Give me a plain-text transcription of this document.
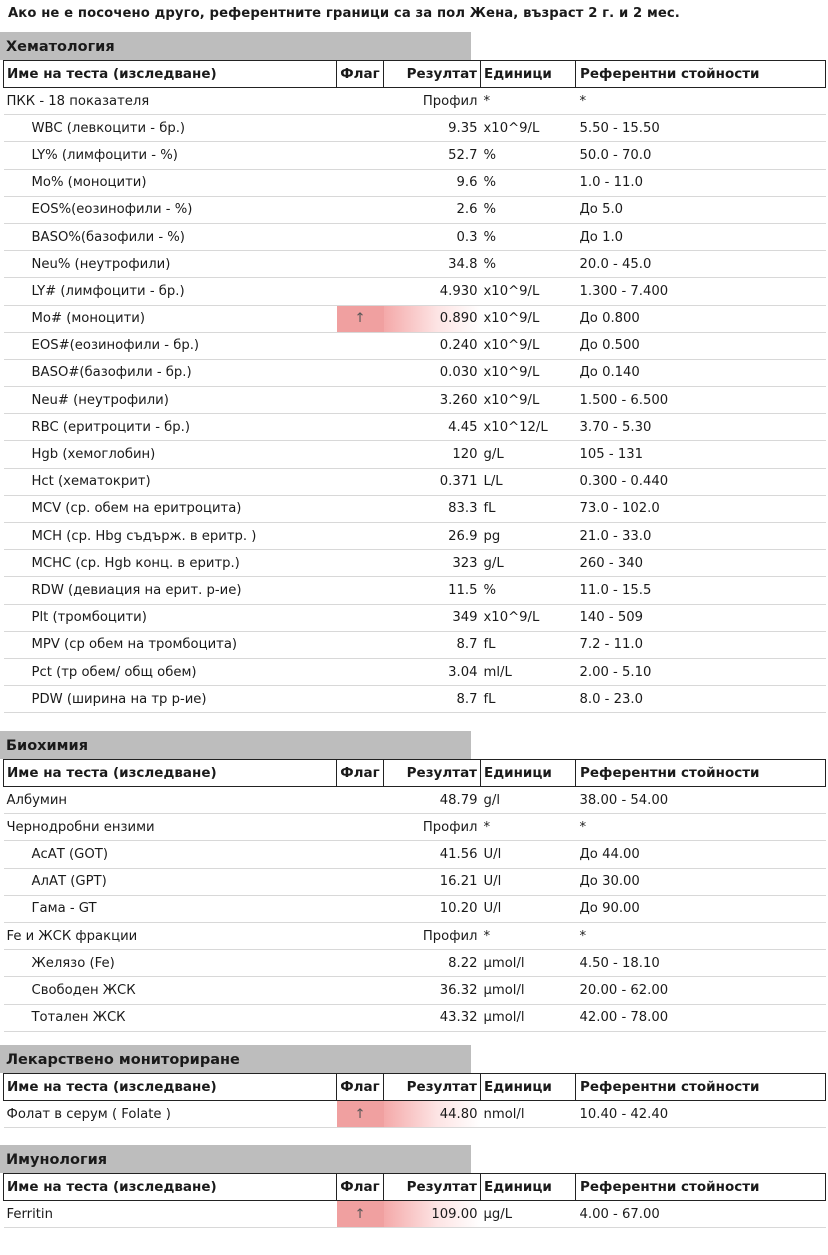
Ако не е посочено друго, референтните граници са за пол Жена, възраст 2 г. и 2 мес.
Хематология
Име на теста (изследване)	Флаг	Резултат	Единици	Референтни стойности
ПКК - 18 показателя		Профил	*	*
WBC (левкоцити - бр.)		9.35	x10^9/L	5.50 - 15.50
LY% (лимфоцити - %)		52.7	%	50.0 - 70.0
Mo% (моноцити)		9.6	%	1.0 - 11.0
EOS%(еозинофили - %)		2.6	%	До 5.0
BASO%(базофили - %)		0.3	%	До 1.0
Neu% (неутрофили)		34.8	%	20.0 - 45.0
LY# (лимфоцити - бр.)		4.930	x10^9/L	1.300 - 7.400
Mo# (моноцити)	↑	0.890	x10^9/L	До 0.800
EOS#(еозинофили - бр.)		0.240	x10^9/L	До 0.500
BASO#(базофили - бр.)		0.030	x10^9/L	До 0.140
Neu# (неутрофили)		3.260	x10^9/L	1.500 - 6.500
RBC (еритроцити - бр.)		4.45	x10^12/L	3.70 - 5.30
Hgb (хемоглобин)		120	g/L	105 - 131
Hct (хематокрит)		0.371	L/L	0.300 - 0.440
MCV (ср. обем на еритроцита)		83.3	fL	73.0 - 102.0
MCH (ср. Hbg съдърж. в еритр. )		26.9	pg	21.0 - 33.0
MCHC (ср. Hgb конц. в еритр.)		323	g/L	260 - 340
RDW (девиация на ерит. р-ие)		11.5	%	11.0 - 15.5
Plt (тромбоцити)		349	x10^9/L	140 - 509
MPV (ср обем на тромбоцита)		8.7	fL	7.2 - 11.0
Pct (тр обем/ общ обем)		3.04	ml/L	2.00 - 5.10
PDW (ширина на тр р-ие)		8.7	fL	8.0 - 23.0
Биохимия
Име на теста (изследване)	Флаг	Резултат	Единици	Референтни стойности
Албумин		48.79	g/l	38.00 - 54.00
Чернодробни ензими		Профил	*	*
АсАТ (GOT)		41.56	U/l	До 44.00
АлАТ (GPT)		16.21	U/l	До 30.00
Гама - GT		10.20	U/l	До 90.00
Fe и ЖСК фракции		Профил	*	*
Желязо (Fe)		8.22	µmol/l	4.50 - 18.10
Свободен ЖСК		36.32	µmol/l	20.00 - 62.00
Тотален ЖСК		43.32	µmol/l	42.00 - 78.00
Лекарствено мониториране
Име на теста (изследване)	Флаг	Резултат	Единици	Референтни стойности
Фолат в серум ( Folate )	↑	44.80	nmol/l	10.40 - 42.40
Имунология
Име на теста (изследване)	Флаг	Резултат	Единици	Референтни стойности
Ferritin	↑	109.00	µg/L	4.00 - 67.00
